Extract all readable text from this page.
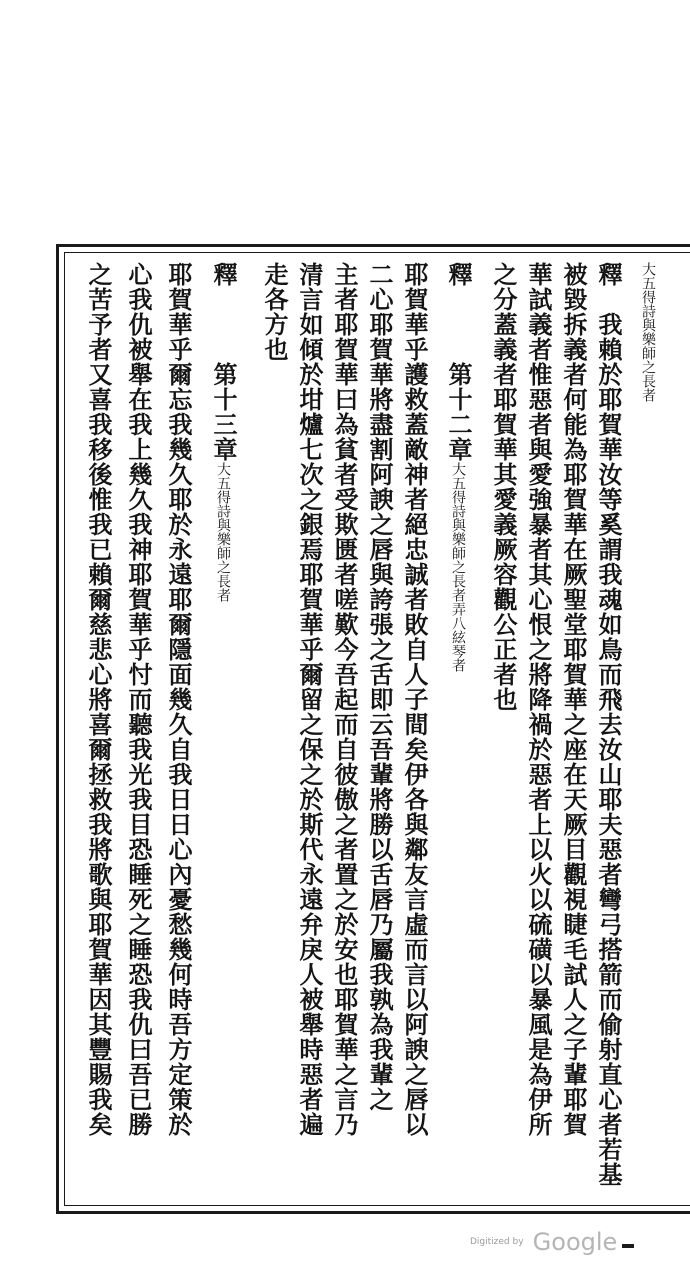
釋　我賴於耶賀華汝等奚謂我魂如鳥而飛去汝山耶夫惡者彎弓搭箭而偷射直心者若基
被毀拆義者何能為耶賀華在厥聖堂耶賀華之座在天厥目觀視睫毛試人之子輩耶賀
華試義者惟惡者與愛強暴者其心恨之將降禍於惡者上以火以硫磺以暴風是為伊所
之分蓋義者耶賀華其愛義厥容觀公正者也
釋　　　第十二章大五得詩與樂師之長者弄八絃琴者
耶賀華乎護救蓋敵神者絕忠誠者敗自人子間矣伊各與鄰友言虛而言以阿諛之唇以
二心耶賀華將盡割阿諛之唇與誇張之舌即云吾輩將勝以舌唇乃屬我孰為我輩之
主者耶賀華曰為貧者受欺匮者嗟歎今吾起而自彼傲之者置之於安也耶賀華之言乃
清言如傾於坩爐七次之銀焉耶賀華乎爾留之保之於斯代永遠弁戾人被舉時惡者遍
走各方也
釋　　　第十三章大五得詩與樂師之長者
耶賀華乎爾忘我幾久耶於永遠耶爾隱面幾久自我日日心內憂愁幾何時吾方定策於
心我仇被舉在我上幾久我神耶賀華乎忖而聽我光我目恐睡死之睡恐我仇曰吾已勝
之苦予者又喜我移後惟我已賴爾慈悲心將喜爾拯救我將歌與耶賀華因其豐賜我矣	大五得詩與樂師之長者
Digitized by Google
